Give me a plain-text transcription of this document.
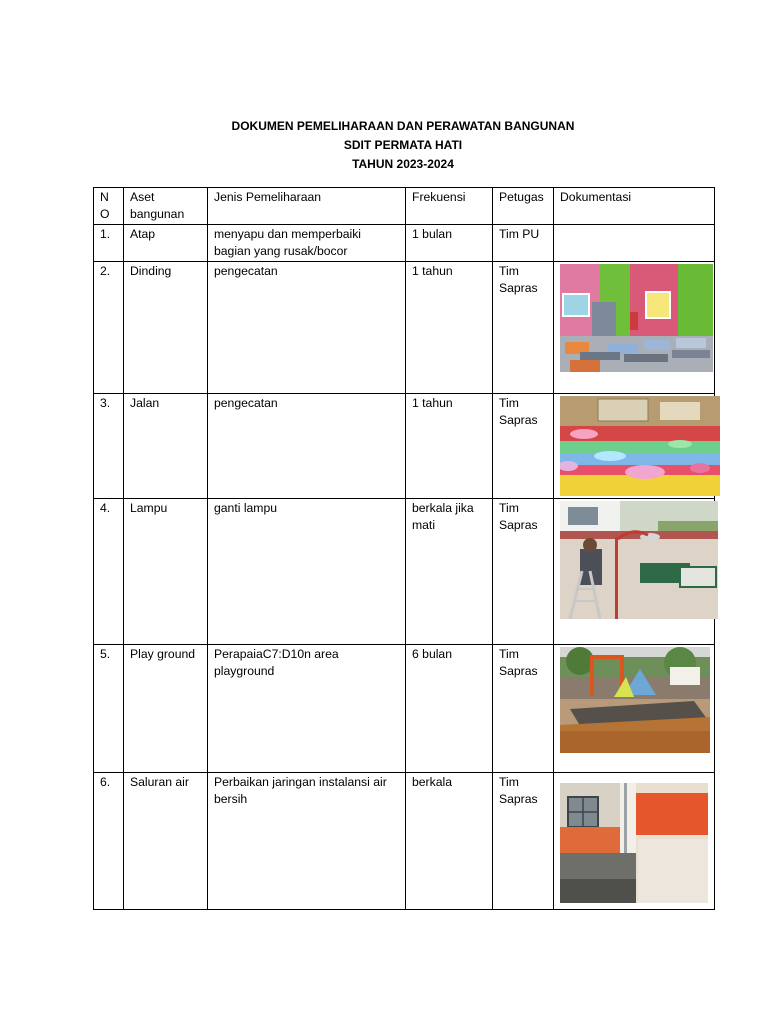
DOKUMEN PEMELIHARAAN DAN PERAWATAN BANGUNAN
SDIT PERMATA HATI
TAHUN 2023-2024
N O	Aset bangunan	Jenis Pemeliharaan	Frekuensi	Petugas	Dokumentasi
1.	Atap	menyapu dan memperbaiki bagian yang rusak/bocor	1 bulan	Tim PU	
2.	Dinding	pengecatan	1 tahun	Tim Sapras	

3.	Jalan	pengecatan	1 tahun	Tim Sapras	

4.	Lampu	ganti lampu	berkala jika mati	Tim Sapras	

5.	Play ground	PerapaiaC7:D10n area playground	6 bulan	Tim Sapras	

6.	Saluran air	Perbaikan jaringan instalansi air bersih	berkala	Tim Sapras	
